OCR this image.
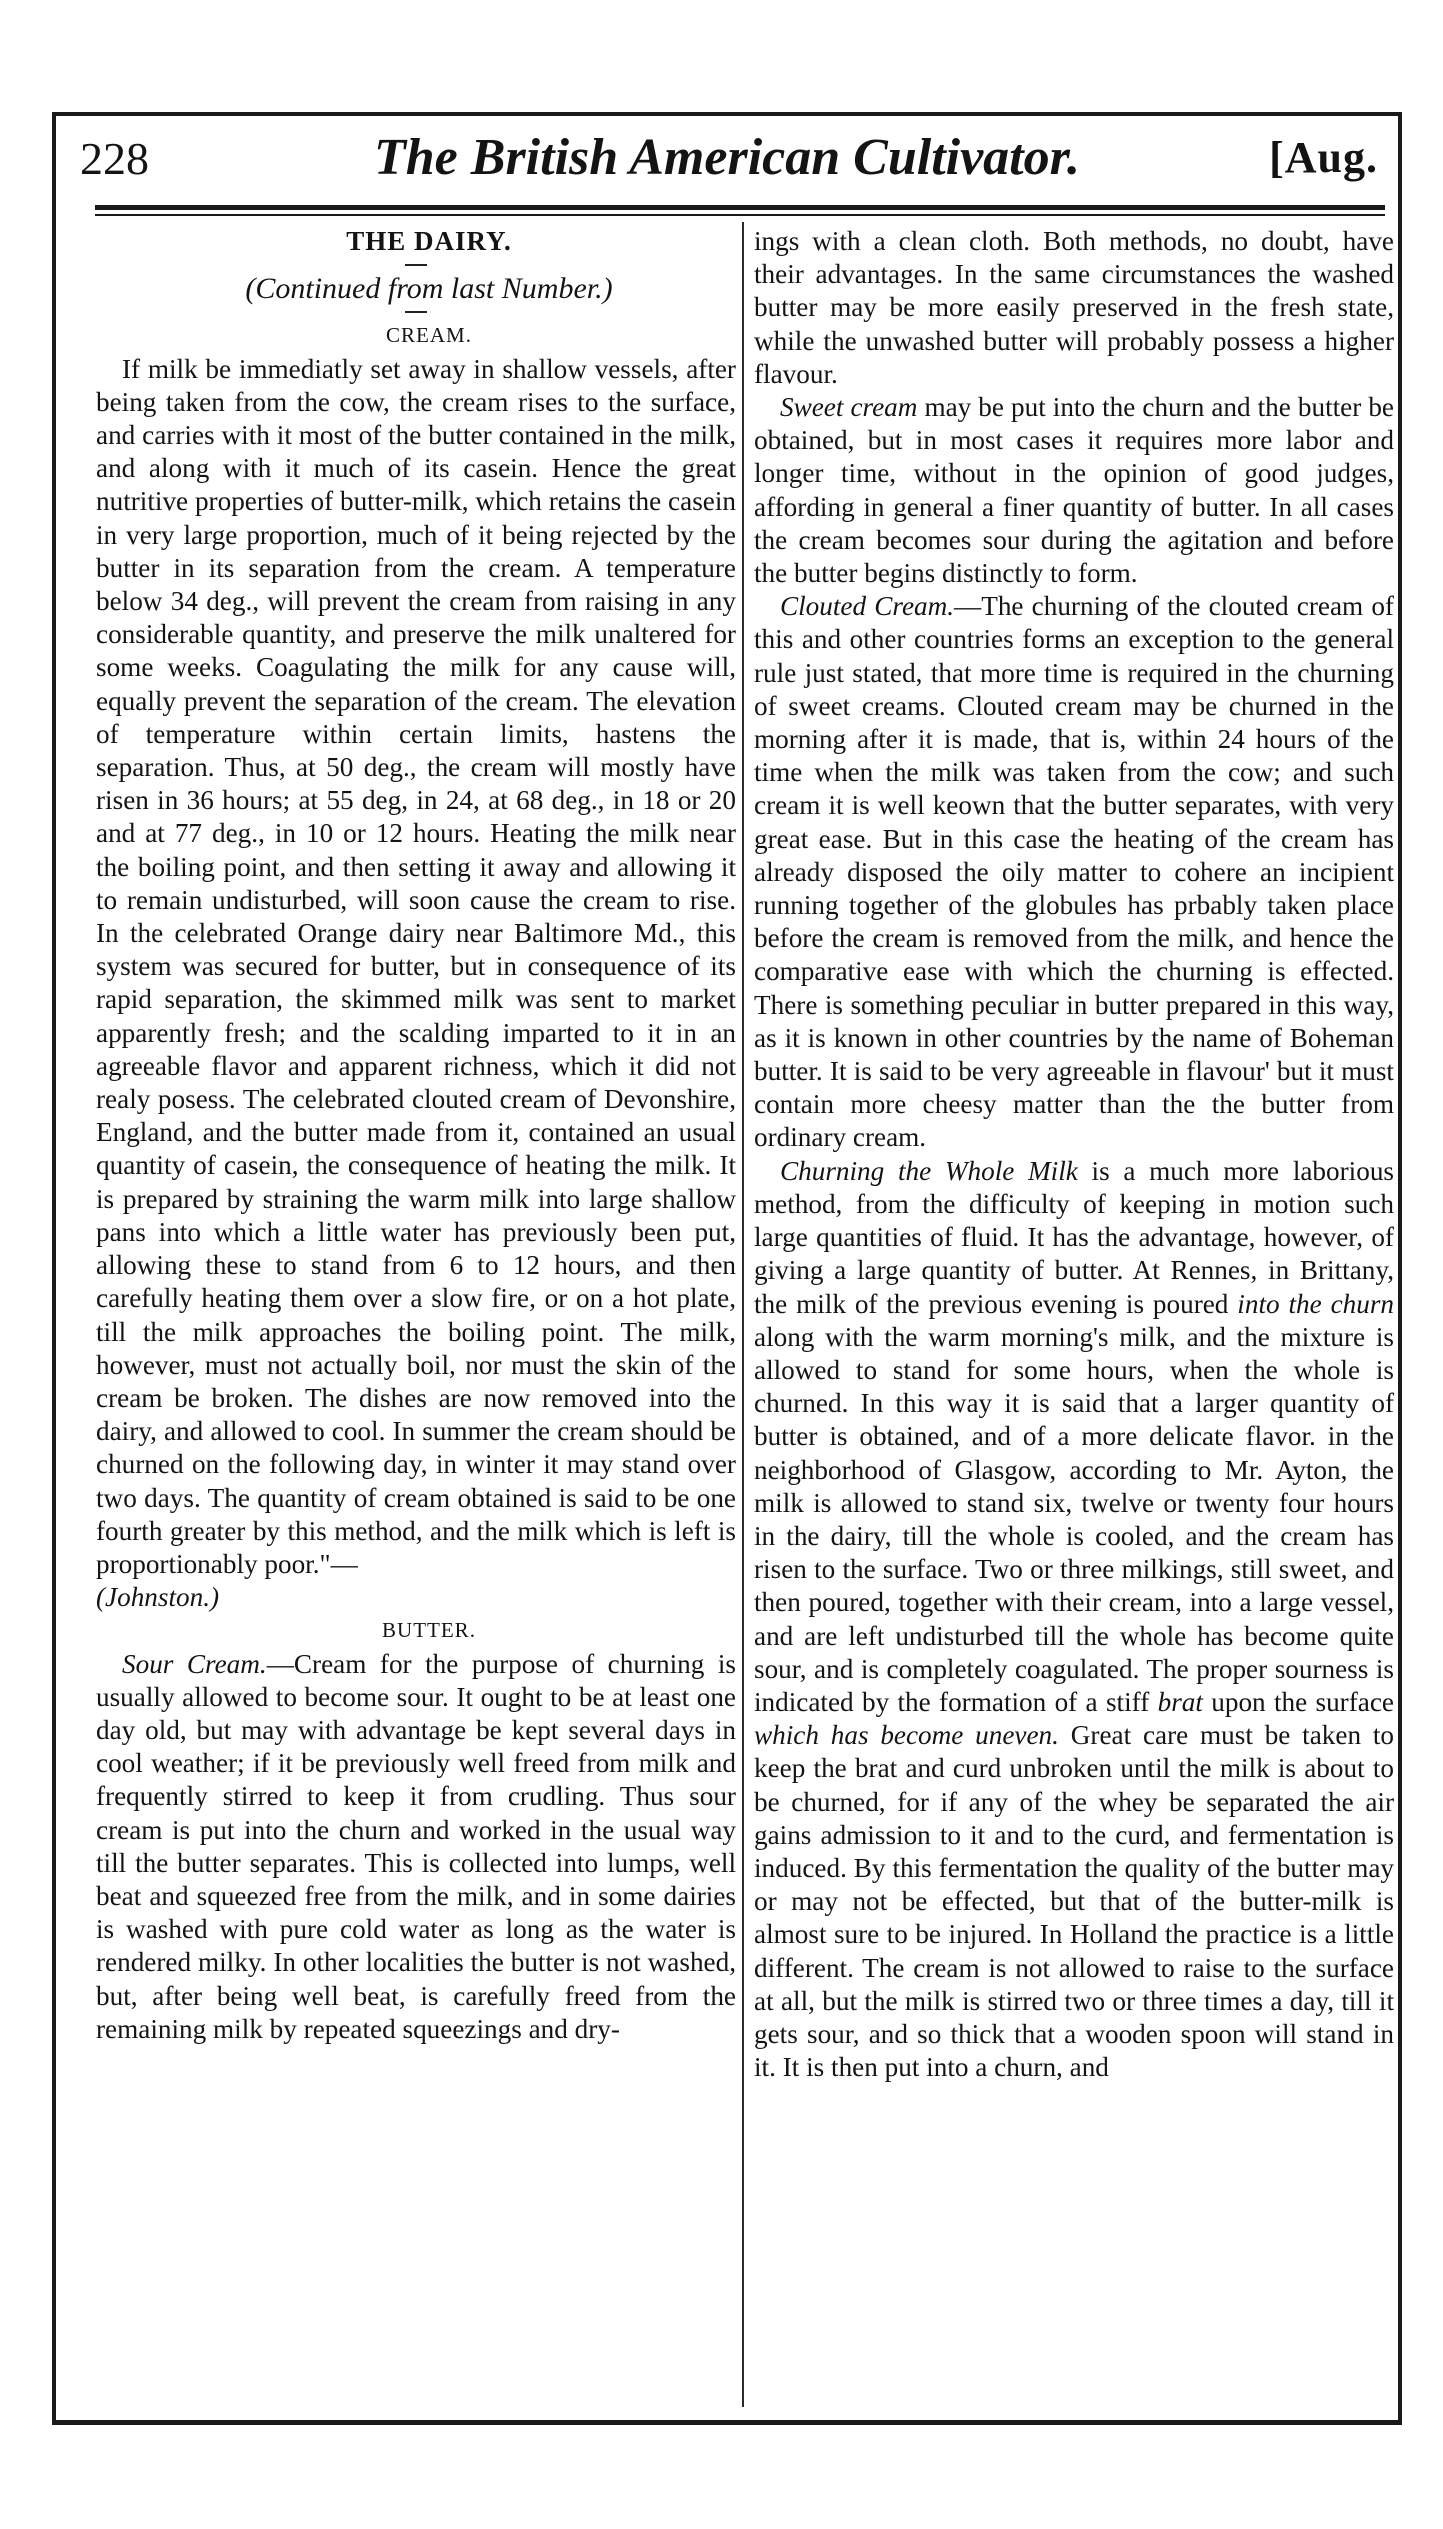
228	The British American Cultivator.	[Aug.

THE DAIRY.

(Continued from last Number.)

CREAM.

If milk be immediatly set away in shallow vessels, after being taken from the cow, the cream rises to the surface, and carries with it most of the butter contained in the milk, and along with it much of its casein. Hence the great nutritive properties of butter-milk, which retains the casein in very large proportion, much of it being rejected by the butter in its separation from the cream. A temperature below 34 deg., will prevent the cream from raising in any considerable quantity, and preserve the milk unaltered for some weeks. Coagulating the milk for any cause will, equally prevent the separation of the cream. The elevation of temperature within certain limits, hastens the separation. Thus, at 50 deg., the cream will mostly have risen in 36 hours; at 55 deg, in 24, at 68 deg., in 18 or 20 and at 77 deg., in 10 or 12 hours. Heating the milk near the boiling point, and then setting it away and allowing it to remain undisturbed, will soon cause the cream to rise. In the celebrated Orange dairy near Baltimore Md., this system was secured for butter, but in consequence of its rapid separation, the skimmed milk was sent to market apparently fresh; and the scalding imparted to it in an agreeable flavor and apparent richness, which it did not realy posess. The celebrated clouted cream of Devonshire, England, and the butter made from it, contained an usual quantity of casein, the consequence of heating the milk. It is prepared by straining the warm milk into large shallow pans into which a little water has previously been put, allowing these to stand from 6 to 12 hours, and then carefully heating them over a slow fire, or on a hot plate, till the milk approaches the boiling point. The milk, however, must not actually boil, nor must the skin of the cream be broken. The dishes are now removed into the dairy, and allowed to cool. In summer the cream should be churned on the following day, in winter it may stand over two days. The quantity of cream obtained is said to be one fourth greater by this method, and the milk which is left is proportionably poor."—

(Johnston.)

BUTTER.

Sour Cream.—Cream for the purpose of churning is usually allowed to become sour. It ought to be at least one day old, but may with advantage be kept several days in cool weather; if it be previously well freed from milk and frequently stirred to keep it from crudling. Thus sour cream is put into the churn and worked in the usual way till the butter separates. This is collected into lumps, well beat and squeezed free from the milk, and in some dairies is washed with pure cold water as long as the water is rendered milky. In other localities the butter is not washed, but, after being well beat, is carefully freed from the remaining milk by repeated squeezings and dry-

ings with a clean cloth. Both methods, no doubt, have their advantages. In the same circumstances the washed butter may be more easily preserved in the fresh state, while the unwashed butter will probably possess a higher flavour.

Sweet cream may be put into the churn and the butter be obtained, but in most cases it requires more labor and longer time, without in the opinion of good judges, affording in general a finer quantity of butter. In all cases the cream becomes sour during the agitation and before the butter begins distinctly to form.

Clouted Cream.—The churning of the clouted cream of this and other countries forms an exception to the general rule just stated, that more time is required in the churning of sweet creams. Clouted cream may be churned in the morning after it is made, that is, within 24 hours of the time when the milk was taken from the cow; and such cream it is well keown that the butter separates, with very great ease. But in this case the heating of the cream has already disposed the oily matter to cohere an incipient running together of the globules has prbably taken place before the cream is removed from the milk, and hence the comparative ease with which the churning is effected. There is something peculiar in butter prepared in this way, as it is known in other countries by the name of Boheman butter. It is said to be very agreeable in flavour' but it must contain more cheesy matter than the the butter from ordinary cream.

Churning the Whole Milk is a much more laborious method, from the difficulty of keeping in motion such large quantities of fluid. It has the advantage, however, of giving a large quantity of butter. At Rennes, in Brittany, the milk of the previous evening is poured into the churn along with the warm morning's milk, and the mixture is allowed to stand for some hours, when the whole is churned. In this way it is said that a larger quantity of butter is obtained, and of a more delicate flavor. in the neighborhood of Glasgow, according to Mr. Ayton, the milk is allowed to stand six, twelve or twenty four hours in the dairy, till the whole is cooled, and the cream has risen to the surface. Two or three milkings, still sweet, and then poured, together with their cream, into a large vessel, and are left undisturbed till the whole has become quite sour, and is completely coagulated. The proper sourness is indicated by the formation of a stiff brat upon the surface which has become uneven. Great care must be taken to keep the brat and curd unbroken until the milk is about to be churned, for if any of the whey be separated the air gains admission to it and to the curd, and fermentation is induced. By this fermentation the quality of the butter may or may not be effected, but that of the butter-milk is almost sure to be injured. In Holland the practice is a little different. The cream is not allowed to raise to the surface at all, but the milk is stirred two or three times a day, till it gets sour, and so thick that a wooden spoon will stand in it. It is then put into a churn, and
